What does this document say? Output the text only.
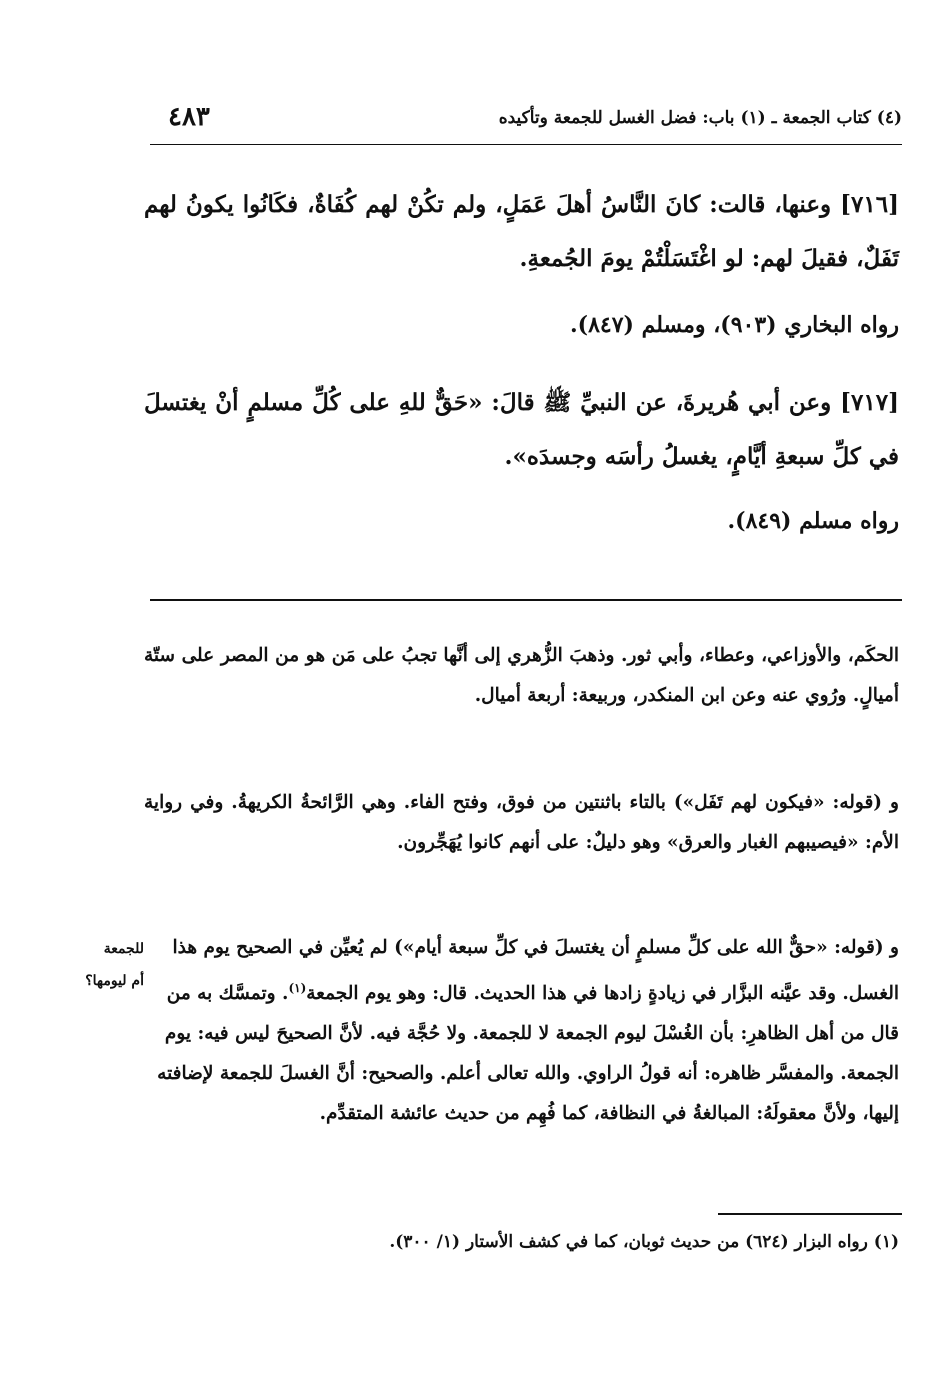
(٤) كتاب الجمعة ـ (١) باب: فضل الغسل للجمعة وتأكيده
٤٨٣
[٧١٦] وعنها، قالت: كانَ النَّاسُ أهلَ عَمَلٍ، ولم تكُنْ لهم كُفَاةٌ، فكَانُوا يكونُ لهم تَفَلٌ، فقيلَ لهم: لو اغْتَسَلْتُمْ يومَ الجُمعةِ.
رواه البخاري (٩٠٣)، ومسلم (٨٤٧).
[٧١٧] وعن أبي هُريرةَ، عن النبيِّ ﷺ قالَ: «حَقٌّ للهِ على كُلِّ مسلمٍ أنْ يغتسلَ في كلِّ سبعةِ أيَّامٍ، يغسلُ رأسَه وجسدَه».
رواه مسلم (٨٤٩).
الحكَم، والأوزاعي، وعطاء، وأبي ثور. وذهبَ الزُّهري إلى أنَّها تجبُ على مَن هو من المصر على ستّة أميالٍ. ورُوي عنه وعن ابن المنكدر، وربيعة: أربعة أميال.
و (قوله: «فيكون لهم تَفَل») بالتاء باثنتين من فوق، وفتح الفاء. وهي الرَّائحةُ الكريهةُ. وفي رواية الأم: «فيصيبهم الغبار والعرق» وهو دليلٌ: على أنهم كانوا يُهَجِّرون.
و (قوله: «حقٌّ الله على كلِّ مسلمٍ أن يغتسلَ في كلِّ سبعة أيام») لم يُعيِّن في الصحيح يوم هذا الغسل. وقد عيَّنه البزَّار في زيادةٍ زادها في هذا الحديث. قال: وهو يوم الجمعة$^{(١)}$. وتمسَّك به من قال من أهل الظاهرِ: بأن الغُسْلَ ليوم الجمعة لا للجمعة. ولا حُجَّة فيه. لأنَّ الصحيحَ ليس فيه: يوم الجمعة. والمفسَّر ظاهره: أنه قولُ الراوي. والله تعالى أعلم. والصحيح: أنَّ الغسلَ للجمعة لإضافته إليها، ولأنَّ معقولَهُ: المبالغةُ في النظافة، كما فُهِم من حديث عائشة المتقدِّم.
للجمعة
أم ليومها؟
(١) رواه البزار (٦٢٤) من حديث ثوبان، كما في كشف الأستار (١/ ٣٠٠).
